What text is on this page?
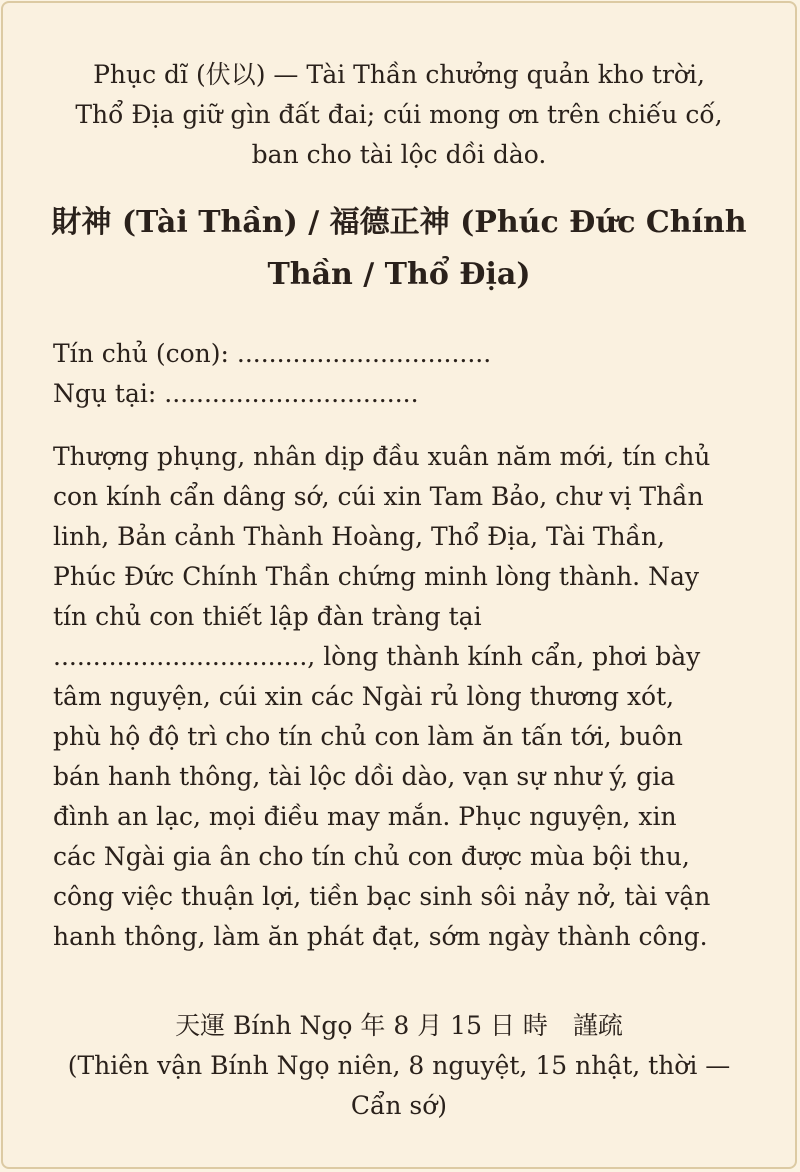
Phục dĩ (伏以) — Tài Thần chưởng quản kho trời,
Thổ Địa giữ gìn đất đai; cúi mong ơn trên chiếu cố,
ban cho tài lộc dồi dào.
財神 (Tài Thần) / 福德正神 (Phúc Đức Chính
Thần / Thổ Địa)
Tín chủ (con): ................................
Ngụ tại: ................................
Thượng phụng, nhân dịp đầu xuân năm mới, tín chủ
con kính cẩn dâng sớ, cúi xin Tam Bảo, chư vị Thần
linh, Bản cảnh Thành Hoàng, Thổ Địa, Tài Thần,
Phúc Đức Chính Thần chứng minh lòng thành. Nay
tín chủ con thiết lập đàn tràng tại
................................, lòng thành kính cẩn, phơi bày
tâm nguyện, cúi xin các Ngài rủ lòng thương xót,
phù hộ độ trì cho tín chủ con làm ăn tấn tới, buôn
bán hanh thông, tài lộc dồi dào, vạn sự như ý, gia
đình an lạc, mọi điều may mắn. Phục nguyện, xin
các Ngài gia ân cho tín chủ con được mùa bội thu,
công việc thuận lợi, tiền bạc sinh sôi nảy nở, tài vận
hanh thông, làm ăn phát đạt, sớm ngày thành công.
天運 Bính Ngọ 年 8 月 15 日 時　謹疏
(Thiên vận Bính Ngọ niên, 8 nguyệt, 15 nhật, thời —
Cẩn sớ)
